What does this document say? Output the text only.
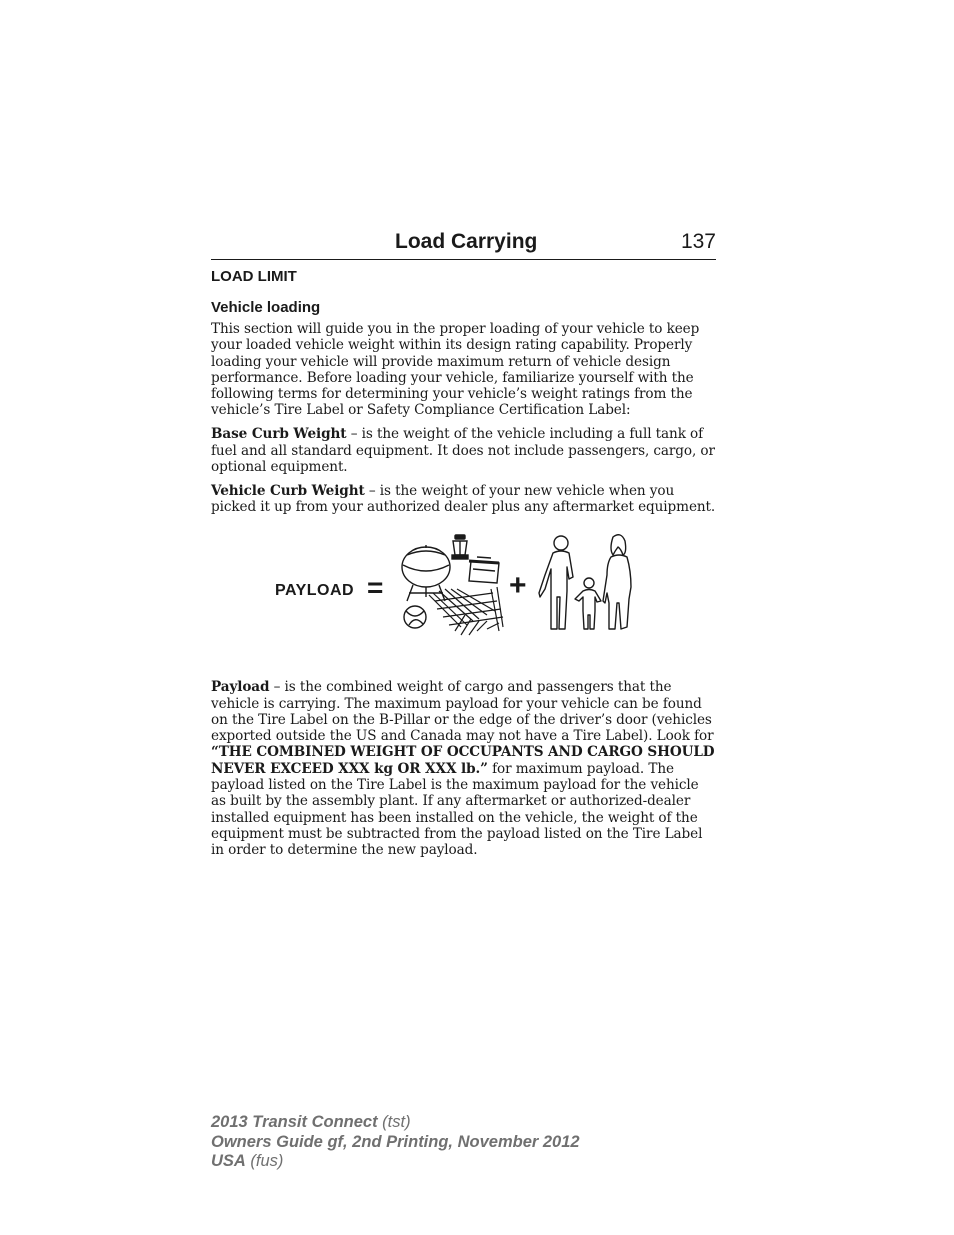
Load Carrying	137
LOAD LIMIT
Vehicle loading

This section will guide you in the proper loading of your vehicle to keep your loaded vehicle weight within its design rating capability. Properly loading your vehicle will provide maximum return of vehicle design performance. Before loading your vehicle, familiarize yourself with the following terms for determining your vehicle’s weight ratings from the vehicle’s Tire Label or Safety Compliance Certification Label:

Base Curb Weight – is the weight of the vehicle including a full tank of fuel and all standard equipment. It does not include passengers, cargo, or optional equipment.

Vehicle Curb Weight – is the weight of your new vehicle when you picked it up from your authorized dealer plus any aftermarket equipment.

PAYLOAD =	+

Payload – is the combined weight of cargo and passengers that the vehicle is carrying. The maximum payload for your vehicle can be found on the Tire Label on the B-Pillar or the edge of the driver’s door (vehicles exported outside the US and Canada may not have a Tire Label). Look for “THE COMBINED WEIGHT OF OCCUPANTS AND CARGO SHOULD NEVER EXCEED XXX kg OR XXX lb.” for maximum payload. The payload listed on the Tire Label is the maximum payload for the vehicle as built by the assembly plant. If any aftermarket or authorized-dealer installed equipment has been installed on the vehicle, the weight of the equipment must be subtracted from the payload listed on the Tire Label in order to determine the new payload.

2013 Transit Connect (tst)
Owners Guide gf, 2nd Printing, November 2012
USA (fus)
